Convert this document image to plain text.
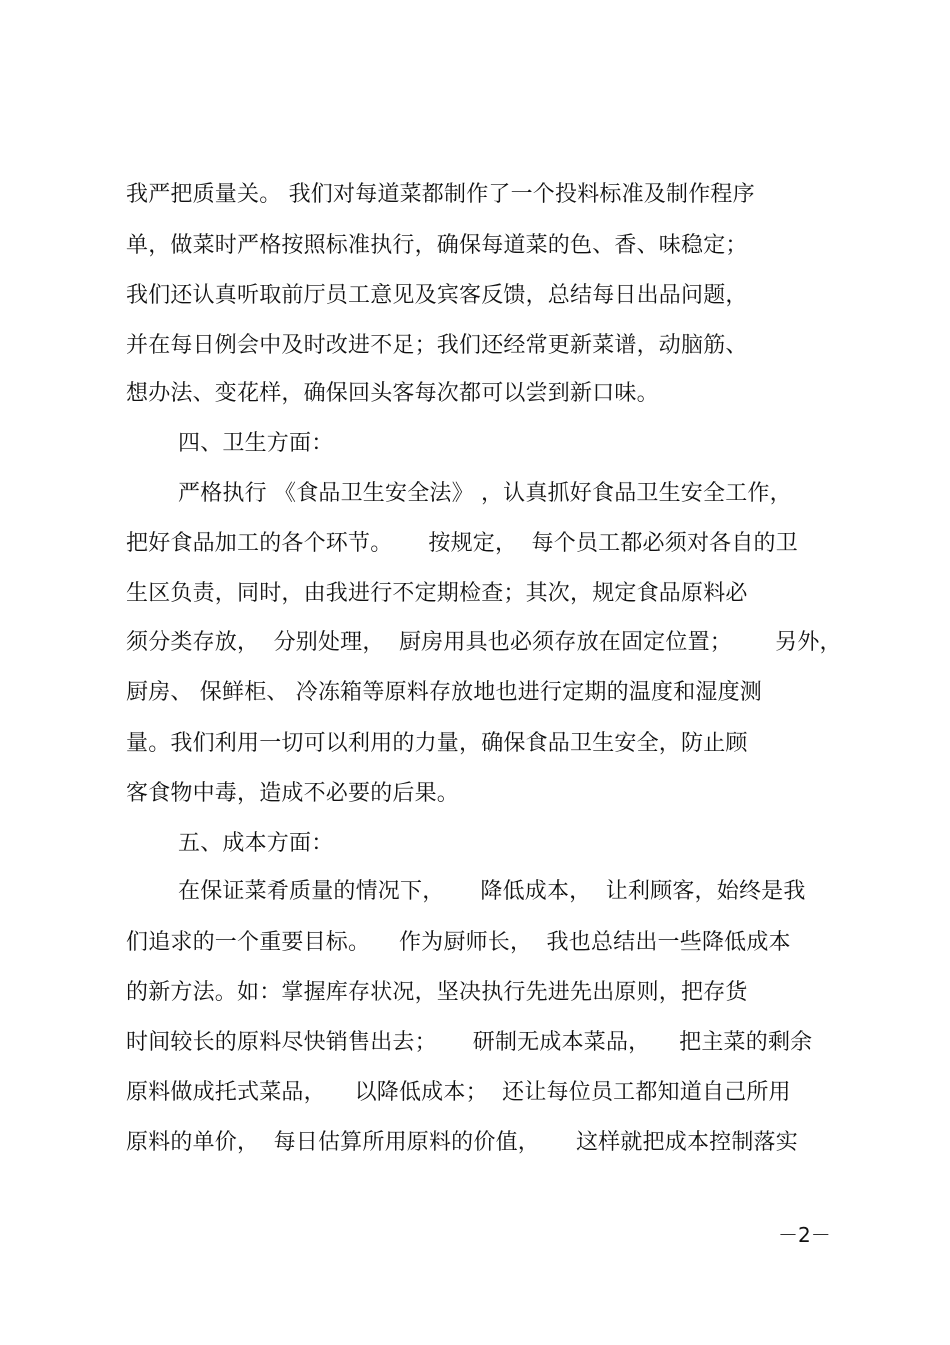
我严把质量关。 我们对每道菜都制作了一个投料标准及制作程序
单，做菜时严格按照标准执行，确保每道菜的色、香、味稳定；
我们还认真听取前厅员工意见及宾客反馈，总结每日出品问题，
并在每日例会中及时改进不足；我们还经常更新菜谱，动脑筋、
想办法、变花样，确保回头客每次都可以尝到新口味。
四、卫生方面：
严格执行 《食品卫生安全法》 ，认真抓好食品卫生安全工作，
把好食品加工的各个环节。     按规定，  每个员工都必须对各自的卫
生区负责，同时，由我进行不定期检查；其次，规定食品原料必
须分类存放，  分别处理，  厨房用具也必须存放在固定位置；      另外，
厨房、 保鲜柜、 冷冻箱等原料存放地也进行定期的温度和湿度测
量。我们利用一切可以利用的力量，确保食品卫生安全，防止顾
客食物中毒，造成不必要的后果。
五、成本方面：
在保证菜肴质量的情况下，     降低成本，  让利顾客，始终是我
们追求的一个重要目标。    作为厨师长，  我也总结出一些降低成本
的新方法。如：掌握库存状况，坚决执行先进先出原则，把存货
时间较长的原料尽快销售出去；     研制无成本菜品，    把主菜的剩余
原料做成托式菜品，    以降低成本；  还让每位员工都知道自己所用
原料的单价，  每日估算所用原料的价值，     这样就把成本控制落实
－2－
